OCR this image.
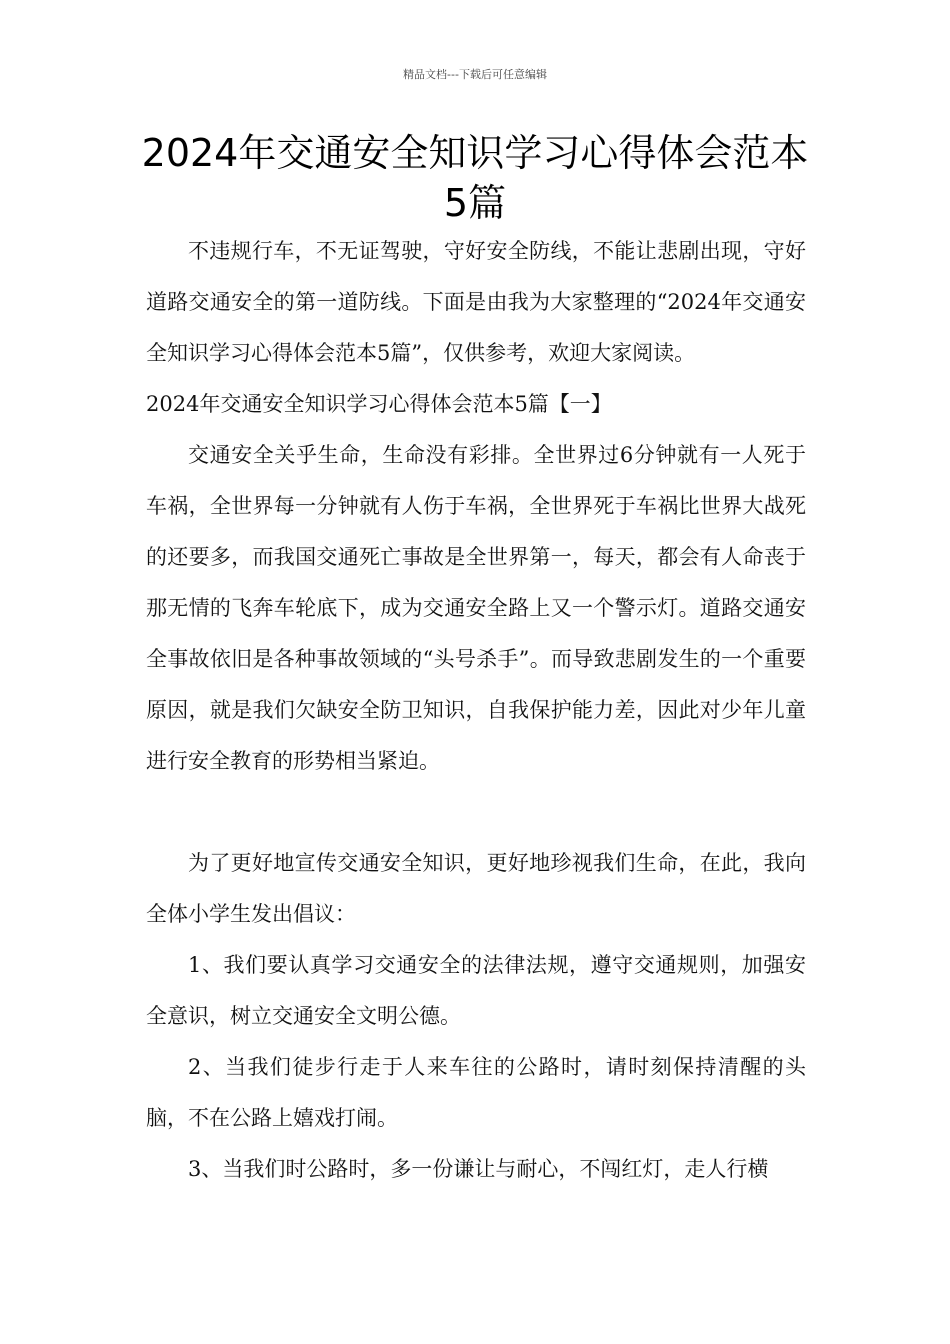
精品文档---下载后可任意编辑
2024年交通安全知识学习心得体会范本5篇

不违规行车，不无证驾驶，守好安全防线，不能让悲剧出现，守好道路交通安全的第一道防线。下面是由我为大家整理的“2024年交通安全知识学习心得体会范本5篇”，仅供参考，欢迎大家阅读。

2024年交通安全知识学习心得体会范本5篇【一】

交通安全关乎生命，生命没有彩排。全世界过6分钟就有一人死于车祸，全世界每一分钟就有人伤于车祸，全世界死于车祸比世界大战死的还要多，而我国交通死亡事故是全世界第一，每天，都会有人命丧于那无情的飞奔车轮底下，成为交通安全路上又一个警示灯。道路交通安全事故依旧是各种事故领域的“头号杀手”。而导致悲剧发生的一个重要原因，就是我们欠缺安全防卫知识，自我保护能力差，因此对少年儿童进行安全教育的形势相当紧迫。

为了更好地宣传交通安全知识，更好地珍视我们生命，在此，我向全体小学生发出倡议：

1、我们要认真学习交通安全的法律法规，遵守交通规则，加强安全意识，树立交通安全文明公德。

2、当我们徒步行走于人来车往的公路时，请时刻保持清醒的头脑，不在公路上嬉戏打闹。

3、当我们时公路时，多一份谦让与耐心，不闯红灯，走人行横
